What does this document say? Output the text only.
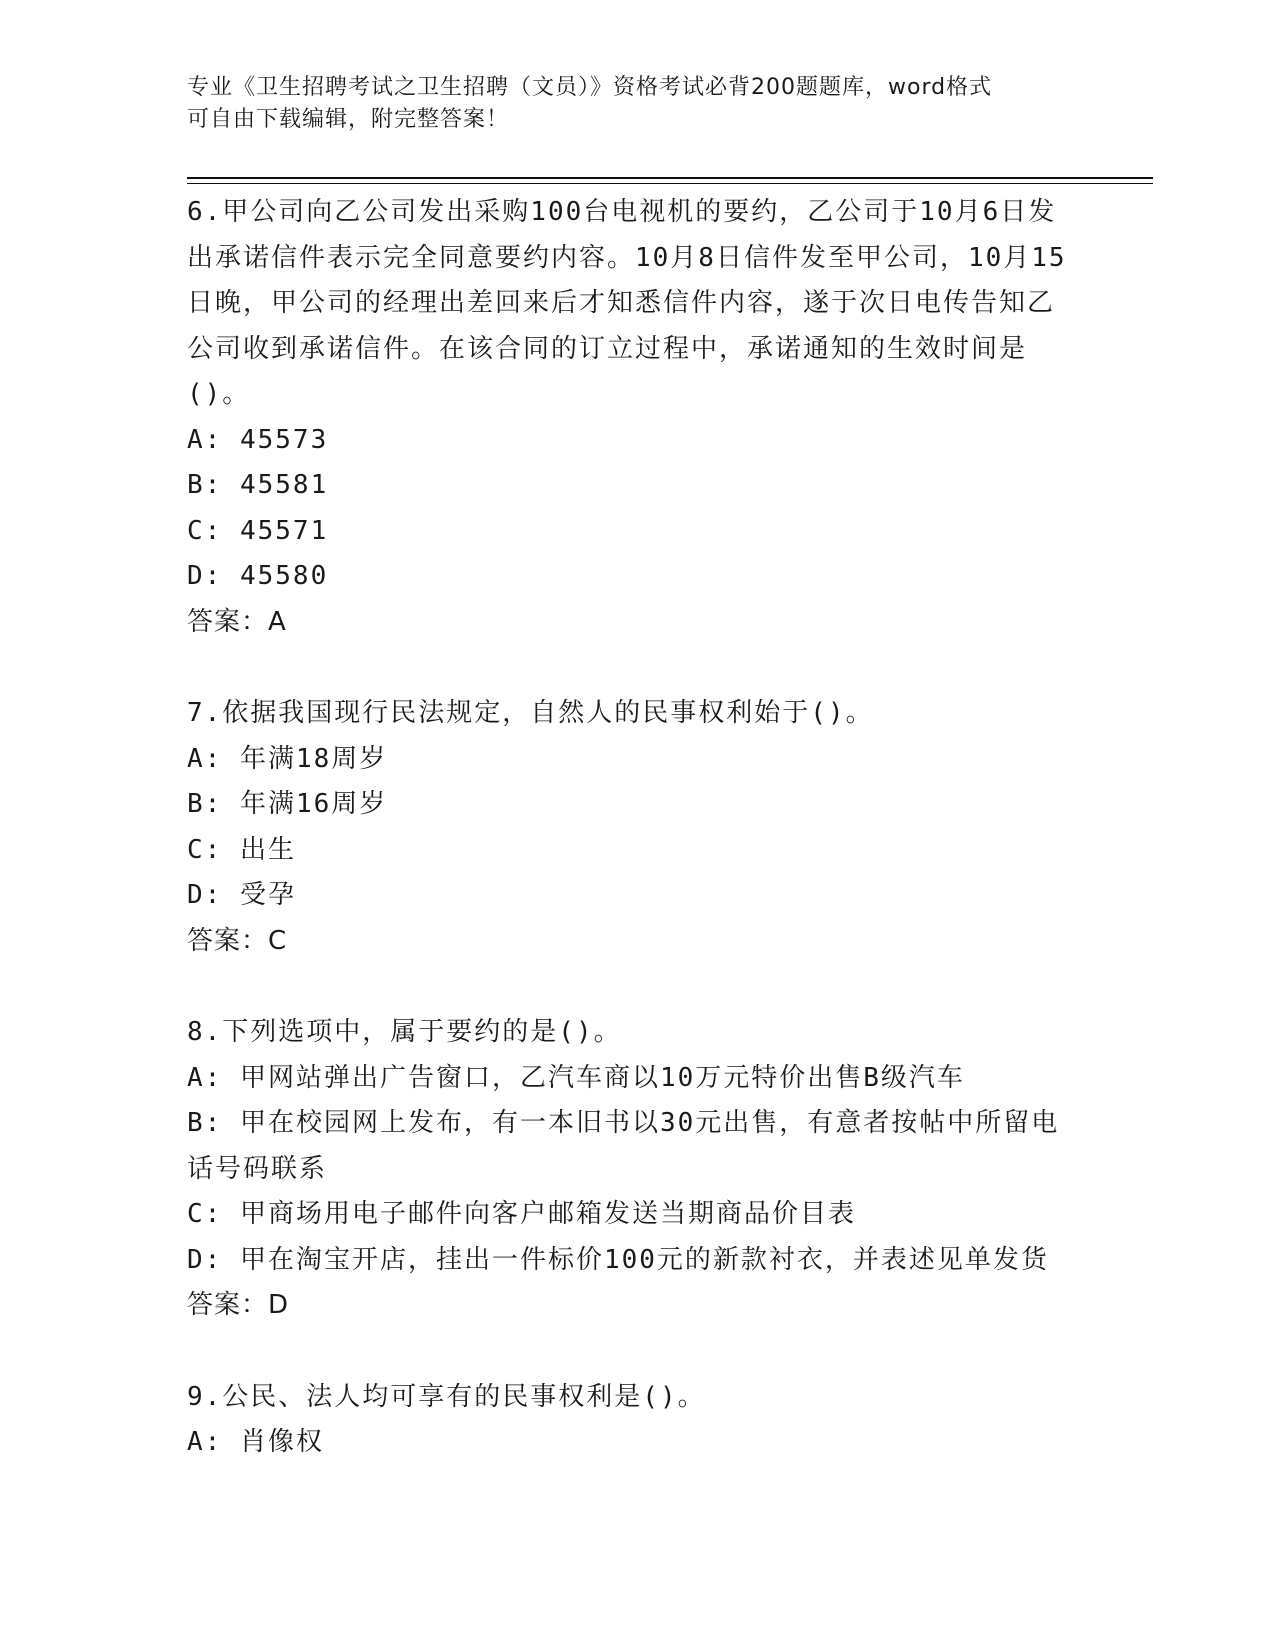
专业《卫生招聘考试之卫生招聘（文员）》资格考试必背200题题库，word格式
可自由下载编辑，附完整答案！
6.甲公司向乙公司发出采购100台电视机的要约，乙公司于10月6日发出承诺信件表示完全同意要约内容。10月8日信件发至甲公司，10月15日晚，甲公司的经理出差回来后才知悉信件内容，遂于次日电传告知乙公司收到承诺信件。在该合同的订立过程中，承诺通知的生效时间是()。
A: 45573
B: 45581
C: 45571
D: 45580
答案：A
7.依据我国现行民法规定，自然人的民事权利始于()。
A: 年满18周岁
B: 年满16周岁
C: 出生
D: 受孕
答案：C
8.下列选项中，属于要约的是()。
A: 甲网站弹出广告窗口，乙汽车商以10万元特价出售B级汽车
B: 甲在校园网上发布，有一本旧书以30元出售，有意者按帖中所留电话号码联系
C: 甲商场用电子邮件向客户邮箱发送当期商品价目表
D: 甲在淘宝开店，挂出一件标价100元的新款衬衣，并表述见单发货
答案：D
9.公民、法人均可享有的民事权利是()。
A: 肖像权
